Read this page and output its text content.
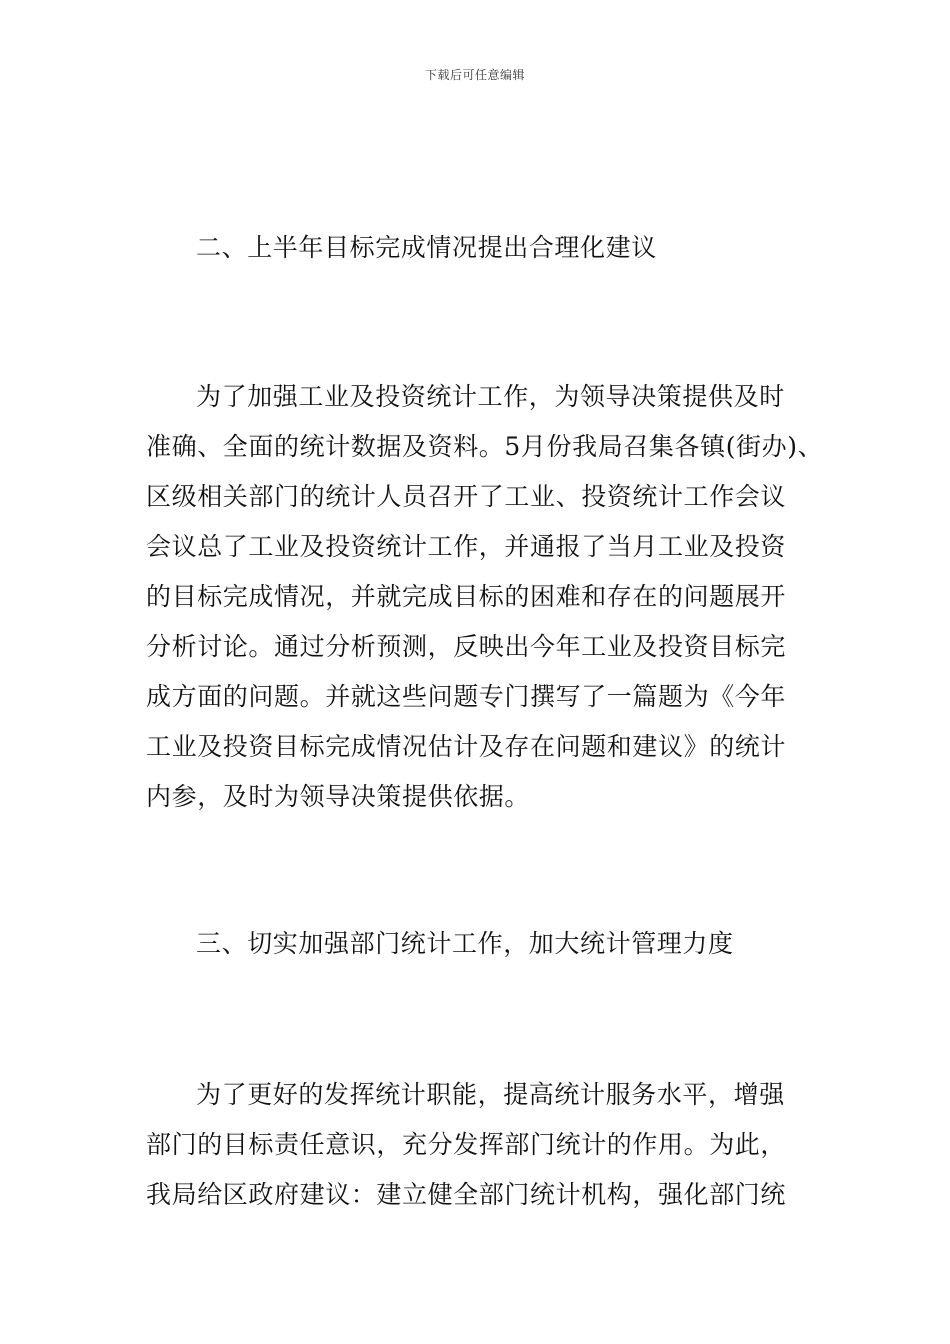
下载后可任意编辑
二、上半年目标完成情况提出合理化建议
为了加强工业及投资统计工作，为领导决策提供及时
准确、全面的统计数据及资料。5月份我局召集各镇(街办)、
区级相关部门的统计人员召开了工业、投资统计工作会议
会议总了工业及投资统计工作，并通报了当月工业及投资
的目标完成情况，并就完成目标的困难和存在的问题展开
分析讨论。通过分析预测，反映出今年工业及投资目标完
成方面的问题。并就这些问题专门撰写了一篇题为《今年
工业及投资目标完成情况估计及存在问题和建议》的统计
内参，及时为领导决策提供依据。
三、切实加强部门统计工作，加大统计管理力度
为了更好的发挥统计职能，提高统计服务水平，增强
部门的目标责任意识，充分发挥部门统计的作用。为此，
我局给区政府建议：建立健全部门统计机构，强化部门统
